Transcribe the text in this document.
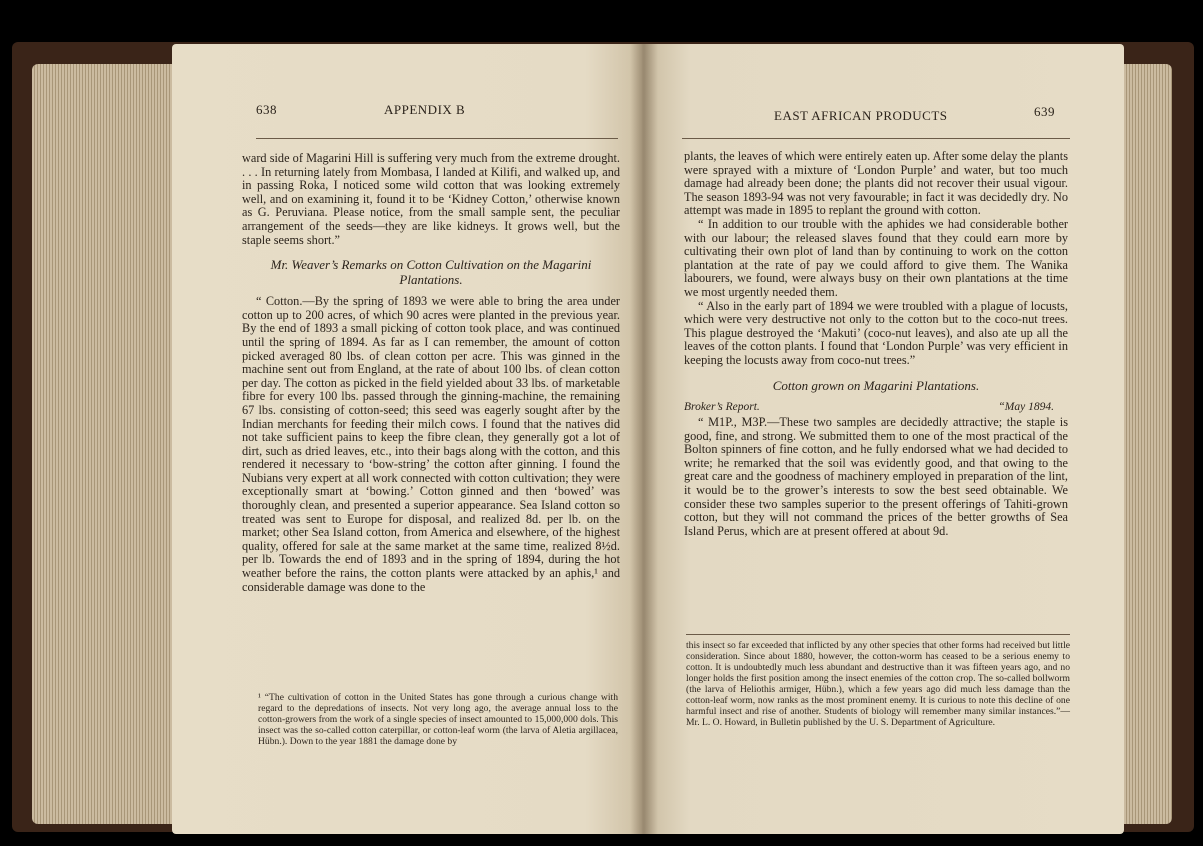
638	APPENDIX B

ward side of Magarini Hill is suffering very much from the extreme drought. . . . In returning lately from Mombasa, I landed at Kilifi, and walked up, and in passing Roka, I noticed some wild cotton that was looking extremely well, and on examining it, found it to be ‘Kidney Cotton,’ otherwise known as G. Peruviana. Please notice, from the small sample sent, the peculiar arrangement of the seeds—they are like kidneys. It grows well, but the staple seems short.”

Mr. Weaver’s Remarks on Cotton Cultivation on the Magarini Plantations.

“ Cotton.—By the spring of 1893 we were able to bring the area under cotton up to 200 acres, of which 90 acres were planted in the previous year. By the end of 1893 a small picking of cotton took place, and was continued until the spring of 1894. As far as I can remember, the amount of cotton picked averaged 80 lbs. of clean cotton per acre. This was ginned in the machine sent out from England, at the rate of about 100 lbs. of clean cotton per day. The cotton as picked in the field yielded about 33 lbs. of marketable fibre for every 100 lbs. passed through the ginning-machine, the remaining 67 lbs. consisting of cotton-seed; this seed was eagerly sought after by the Indian merchants for feeding their milch cows. I found that the natives did not take sufficient pains to keep the fibre clean, they generally got a lot of dirt, such as dried leaves, etc., into their bags along with the cotton, and this rendered it necessary to ‘bow-string’ the cotton after ginning. I found the Nubians very expert at all work connected with cotton cultivation; they were exceptionally smart at ‘bowing.’ Cotton ginned and then ‘bowed’ was thoroughly clean, and presented a superior appearance. Sea Island cotton so treated was sent to Europe for disposal, and realized 8d. per lb. on the market; other Sea Island cotton, from America and elsewhere, of the highest quality, offered for sale at the same market at the same time, realized 8½d. per lb. Towards the end of 1893 and in the spring of 1894, during the hot weather before the rains, the cotton plants were attacked by an aphis,¹ and considerable damage was done to the

¹ “The cultivation of cotton in the United States has gone through a curious change with regard to the depredations of insects. Not very long ago, the average annual loss to the cotton-growers from the work of a single species of insect amounted to 15,000,000 dols. This insect was the so-called cotton caterpillar, or cotton-leaf worm (the larva of Aletia argillacea, Hübn.). Down to the year 1881 the damage done by

EAST AFRICAN PRODUCTS	639

plants, the leaves of which were entirely eaten up. After some delay the plants were sprayed with a mixture of ‘London Purple’ and water, but too much damage had already been done; the plants did not recover their usual vigour. The season 1893-94 was not very favourable; in fact it was decidedly dry. No attempt was made in 1895 to replant the ground with cotton.

“ In addition to our trouble with the aphides we had considerable bother with our labour; the released slaves found that they could earn more by cultivating their own plot of land than by continuing to work on the cotton plantation at the rate of pay we could afford to give them. The Wanika labourers, we found, were always busy on their own plantations at the time we most urgently needed them.

“ Also in the early part of 1894 we were troubled with a plague of locusts, which were very destructive not only to the cotton but to the coco-nut trees. This plague destroyed the ‘Makuti’ (coco-nut leaves), and also ate up all the leaves of the cotton plants. I found that ‘London Purple’ was very efficient in keeping the locusts away from coco-nut trees.”

Cotton grown on Magarini Plantations.
Broker’s Report.	“May 1894.

“ M1P., M3P.—These two samples are decidedly attractive; the staple is good, fine, and strong. We submitted them to one of the most practical of the Bolton spinners of fine cotton, and he fully endorsed what we had decided to write; he remarked that the soil was evidently good, and that owing to the great care and the goodness of machinery employed in preparation of the lint, it would be to the grower’s interests to sow the best seed obtainable. We consider these two samples superior to the present offerings of Tahiti-grown cotton, but they will not command the prices of the better growths of Sea Island Perus, which are at present offered at about 9d.

this insect so far exceeded that inflicted by any other species that other forms had received but little consideration. Since about 1880, however, the cotton-worm has ceased to be a serious enemy to cotton. It is undoubtedly much less abundant and destructive than it was fifteen years ago, and no longer holds the first position among the insect enemies of the cotton crop. The so-called bollworm (the larva of Heliothis armiger, Hübn.), which a few years ago did much less damage than the cotton-leaf worm, now ranks as the most prominent enemy. It is curious to note this decline of one harmful insect and rise of another. Students of biology will remember many similar instances.”—Mr. L. O. Howard, in Bulletin published by the U. S. Department of Agriculture.
